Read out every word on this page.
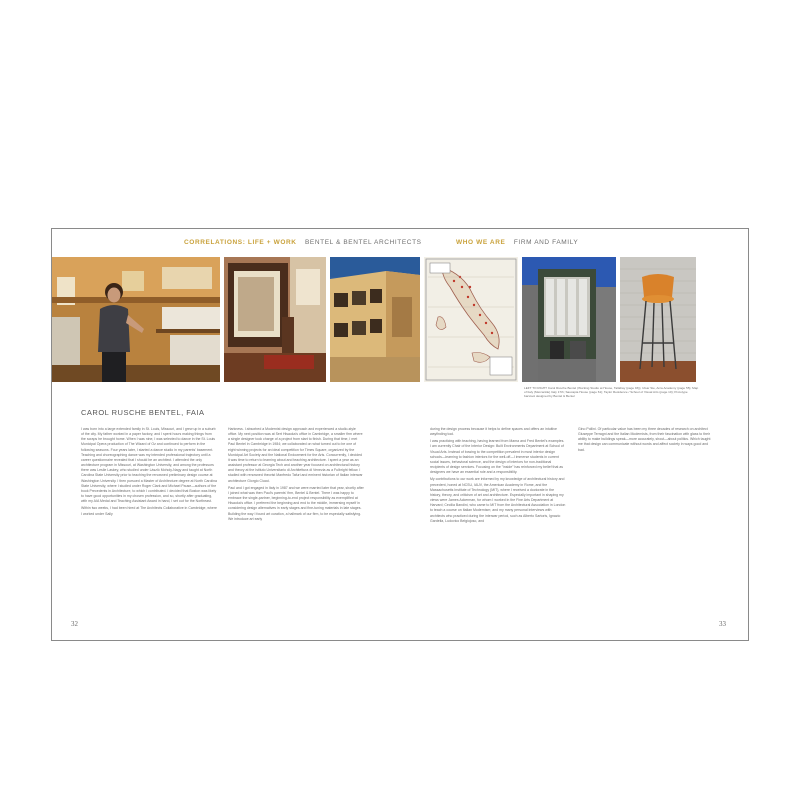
CORRELATIONS: LIFE + WORK BENTEL & BENTEL ARCHITECTS	WHO WE ARE FIRM AND FAMILY
LEFT TO RIGHT Carol Rusche Bentel (Working Studio at House, Tallahay (page 93)); Ulsar Ste, Arca Academy (page 55); Map of Italy (Mercantile) Italy 17th; Saucapia House (page 61); Taylor Residence / School of Visual Arts (page 10); Prototype barstool designed by Bentel & Bentel
CAROL RUSCHE BENTEL, FAIA

I was born into a large extended family in St. Louis, Missouri, and I grew up in a suburb of the city. My father worked in a paper factory, and I spent hours making things from the scraps he brought home. When I was nine, I was selected to dance in the St. Louis Municipal Opera production of The Wizard of Oz and continued to perform in the following seasons. Four years later, I started a dance studio in my parents' basement. Teaching and choreographing dance was my intended professional trajectory until a career questionnaire revealed that I should be an architect. I attended the only architecture program in Missouri, at Washington University, and among the professors there was Leslie Laskey, who studied under László Moholy-Nagy and taught at North Carolina State University prior to teaching the renowned preliminary design course at Washington University. I then pursued a Master of Architecture degree at North Carolina State University, where I studied under Roger Clark and Michael Pause—authors of the book Precedents in Architecture, to which I contributed. I decided that Boston was likely to have good opportunities in my chosen profession, and so, shortly after graduating, with my AIA Medal and Teaching Assistant Award in hand, I set out for the Northeast.

Within two weeks, I had been hired at The Architects Collaborative in Cambridge, where I worked under Sally

Harkness. I absorbed a Modernist design approach and experienced a studio-style office. My next position was at Sert Hisaoka's office in Cambridge, a smaller firm where a single designer took charge of a project from start to finish. During that time, I met Paul Bentel in Cambridge in 1984; we collaborated on what turned out to be one of eight winning projects for an ideal competition for Times Square, organized by the Municipal Art Society and the National Endowment for the Arts. Concurrently, I decided it was time to return to learning about and teaching architecture. I spent a year as an assistant professor at Georgia Tech and another year focused on architectural history and theory at the Istituto Universitario di Architettura di Venezia as a Fulbright fellow. I studied with renowned theorist Manfredo Tafuri and eminent historian of Italian interwar architecture Giorgio Ciucci.

Paul and I got engaged in Italy in 1987 and we were married later that year, shortly after I joined what was then Paul's parents' firm, Bentel & Bentel. There I was happy to embrace the single-partner, beginning-to-end project responsibility as exemplified at Hisaoka's office. I preferred the beginning and end to the middle, immersing myself in considering design alternatives in early stages and fine-tuning materials in late stages. Building the way I found art curation, a hallmark of our firm, to be especially satisfying. We introduce art early

during the design process because it helps to define spaces and offers an intuitive wayfinding tool.

I was practicing with teaching, having learned from Mama and Fred Bentel's examples. I am currently Chair of the Interior Design: Built Environments Department at School of Visual Arts. Instead of bowing to the competition prevalent in most interior design schools—learning to fashion interiors for the well-off—I immerse students in current social issues, behavioral science, and the design of interiors for non-traditional recipients of design services. Focusing on the "inside" has reinforced my belief that as designers we have an essential role and a responsibility.

My contributions to our work are informed by my knowledge of architectural history and precedent, honed at NCSU, IAUV, the American Academy in Rome, and the Massachusetts Institute of Technology (MIT), where I received a doctorate in the history, theory, and criticism of art and architecture. Especially important in shaping my views were James Ackerman, for whom I worked in the Fine Arts Department at Harvard; Cecilia Bandini, who came to MIT from the Architectural Association in London to teach a course on Italian Modernism; and my many personal interviews with architects who practiced during the interwar period, such as Alberto Sartoris, Ignazio Gardella, Ludovico Belgiojoso, and

Gino Pollini. Of particular value has been my three decades of research on architect Giuseppe Terragni and the Italian Modernists, from their fascination with glass to their ability to make buildings speak—more accurately, shout—about politics. Which taught me that design can communicate without words and affect society in ways good and bad.

32	33
